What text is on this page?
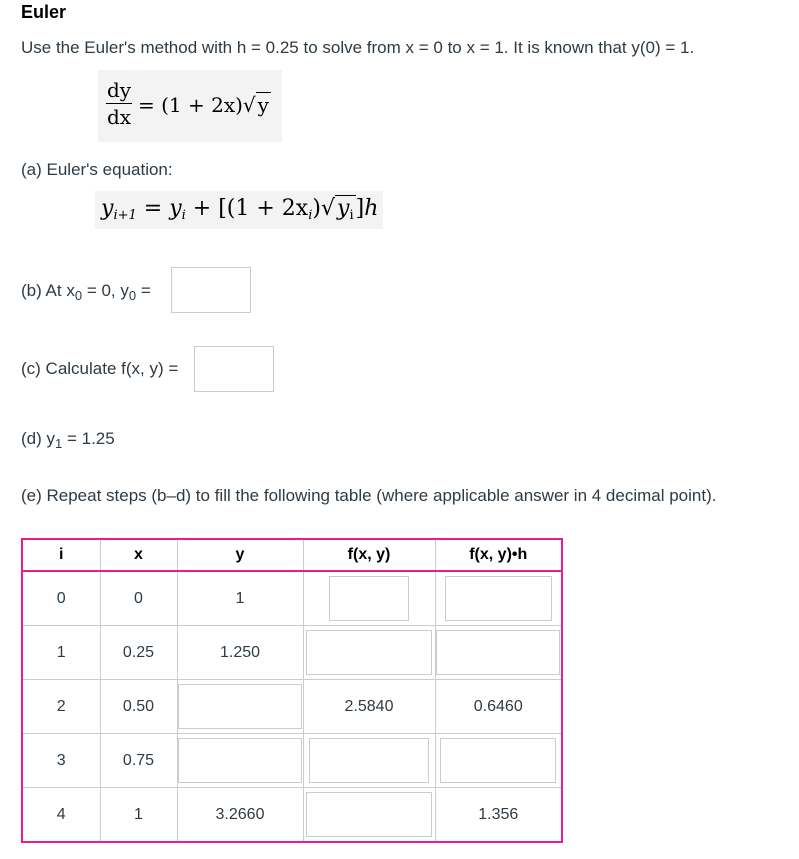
Euler
Use the Euler's method with h = 0.25 to solve from x = 0 to x = 1. It is known that y(0) = 1.
dy
dx = (1 + 2x)√ y
(a) Euler's equation:
$y_{i+1} = y_i + [(1 + 2x_i)√y_i]h$
(b) At $x_0 = 0$, $y_0$ =
(c) Calculate f(x, y) =
(d) $y_1 = 1.25$
(e) Repeat steps (b–d) to fill the following table (where applicable answer in 4 decimal point).
i	x	y	f(x, y)	f(x, y)•h
0	0	1	

1	0.25	1.250	

2	0.50		2.5840	0.6460
3	0.75	

4	1	3.2660		1.356
